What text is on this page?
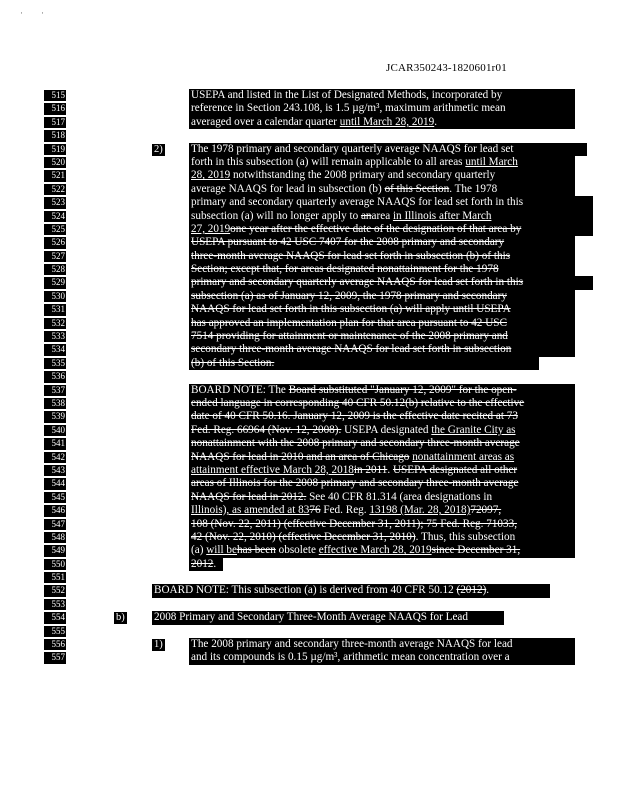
·        ·
JCAR350243-1820601r01
515	USEPA and listed in the List of Designated Methods, incorporated by
516	reference in Section 243.108, is 1.5 µg/m³, maximum arithmetic mean
517	averaged over a calendar quarter until March 28, 2019.
518
519	2)	The 1978 primary and secondary quarterly average NAAQS for lead set
520	forth in this subsection (a) will remain applicable to all areas until March
521	28, 2019 notwithstanding the 2008 primary and secondary quarterly
522	average NAAQS for lead in subsection (b) of this Section. The 1978
523	primary and secondary quarterly average NAAQS for lead set forth in this
524	subsection (a) will no longer apply to anarea in Illinois after March
525	27, 2019one year after the effective date of the designation of that area by
526	USEPA pursuant to 42 USC 7407 for the 2008 primary and secondary
527	three-month average NAAQS for lead set forth in subsection (b) of this
528	Section; except that, for areas designated nonattainment for the 1978
529	primary and secondary quarterly average NAAQS for lead set forth in this
530	subsection (a) as of January 12, 2009, the 1978 primary and secondary
531	NAAQS for lead set forth in this subsection (a) will apply until USEPA
532	has approved an implementation plan for that area pursuant to 42 USC
533	7514 providing for attainment or maintenance of the 2008 primary and
534	secondary three-month average NAAQS for lead set forth in subsection
535	(b) of this Section.
536
537	BOARD NOTE: The Board substituted "January 12, 2009" for the open-
538	ended language in corresponding 40 CFR 50.12(b) relative to the effective
539	date of 40 CFR 50.16. January 12, 2009 is the effective date recited at 73
540	Fed. Reg. 66964 (Nov. 12, 2008). USEPA designated the Granite City as
541	nonattainment with the 2008 primary and secondary three-month average
542	NAAQS for lead in 2010 and an area of Chicago nonattainment areas as
543	attainment effective March 28, 2018in 2011. USEPA designated all other
544	areas of Illinois for the 2008 primary and secondary three-month average
545	NAAQS for lead in 2012. See 40 CFR 81.314 (area designations in
546	Illinois), as amended at 8376 Fed. Reg. 13198 (Mar. 28, 2018)72097,
547	108 (Nov. 22, 2011) (effective December 31, 2011); 75 Fed. Reg. 71033,
548	42 (Nov. 22, 2010) (effective December 31, 2010). Thus, this subsection
549	(a) will behas been obsolete effective March 28, 2019since December 31,
550	2012.
551
552	BOARD NOTE: This subsection (a) is derived from 40 CFR 50.12 (2012).
553
554	b)	2008 Primary and Secondary Three-Month Average NAAQS for Lead
555
556	1)	The 2008 primary and secondary three-month average NAAQS for lead
557	and its compounds is 0.15 µg/m³, arithmetic mean concentration over a
